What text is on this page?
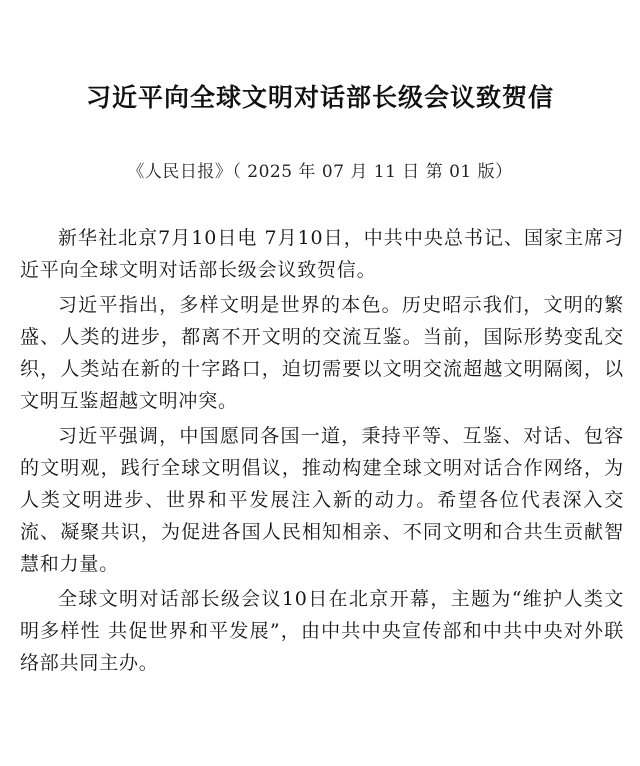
习近平向全球文明对话部长级会议致贺信
《人民日报》（ 2025 年 07 月 11 日 第 01 版）

新华社北京7月10日电 7月10日，中共中央总书记、国家主席习近平向全球文明对话部长级会议致贺信。

习近平指出，多样文明是世界的本色。历史昭示我们，文明的繁盛、人类的进步，都离不开文明的交流互鉴。当前，国际形势变乱交织，人类站在新的十字路口，迫切需要以文明交流超越文明隔阂，以文明互鉴超越文明冲突。

习近平强调，中国愿同各国一道，秉持平等、互鉴、对话、包容的文明观，践行全球文明倡议，推动构建全球文明对话合作网络，为人类文明进步、世界和平发展注入新的动力。希望各位代表深入交流、凝聚共识，为促进各国人民相知相亲、不同文明和合共生贡献智慧和力量。

全球文明对话部长级会议10日在北京开幕，主题为“维护人类文明多样性 共促世界和平发展”，由中共中央宣传部和中共中央对外联络部共同主办。
